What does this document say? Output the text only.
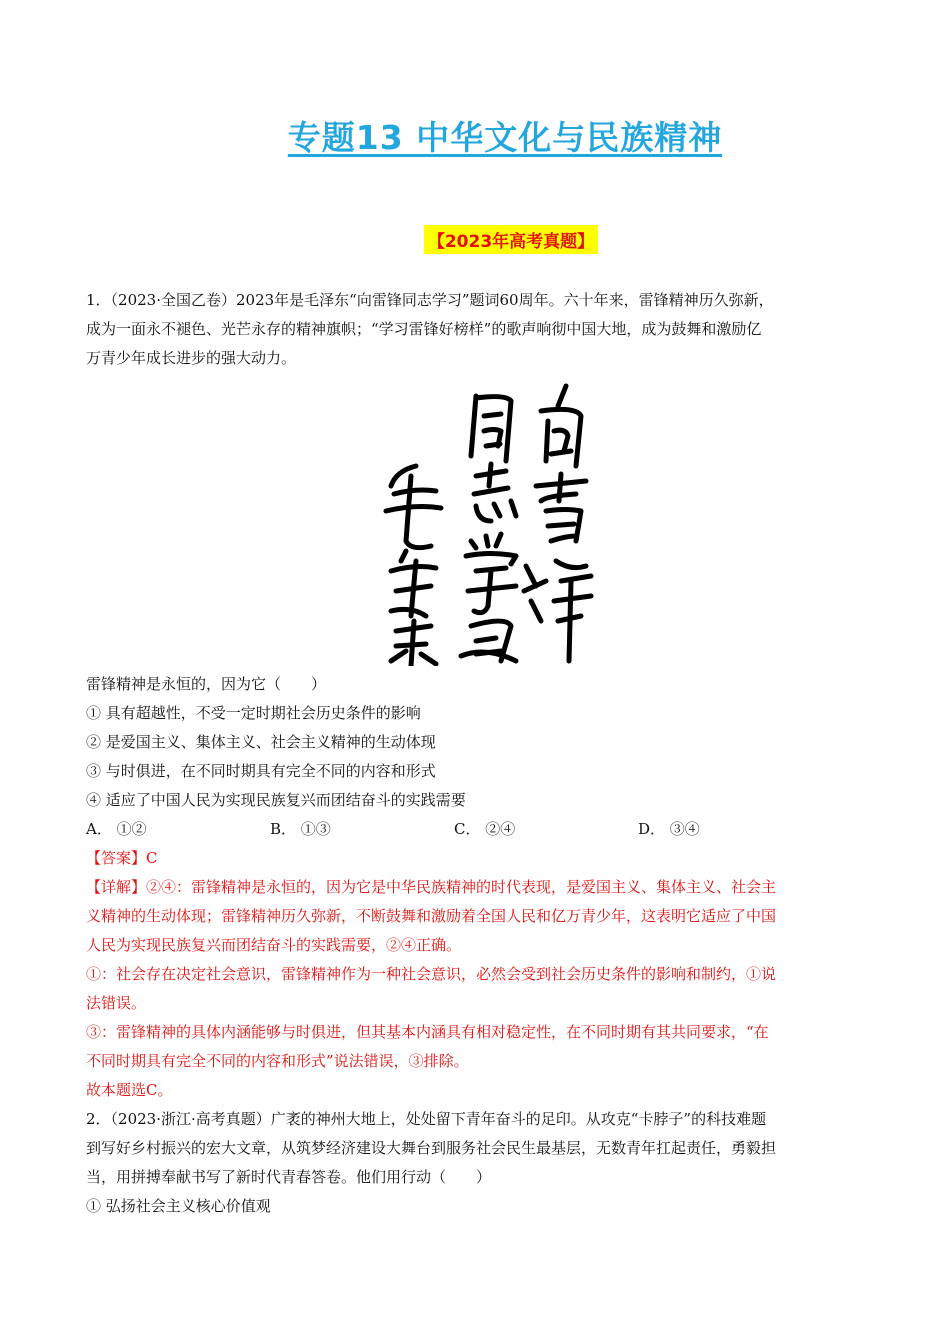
专题13 中华文化与民族精神
【2023年高考真题】

1．（2023·全国乙卷）2023年是毛泽东“向雷锋同志学习”题词60周年。六十年来，雷锋精神历久弥新，

成为一面永不褪色、光芒永存的精神旗帜；“学习雷锋好榜样”的歌声响彻中国大地，成为鼓舞和激励亿

万青少年成长进步的强大动力。

雷锋精神是永恒的，因为它（　　）

① 具有超越性，不受一定时期社会历史条件的影响

② 是爱国主义、集体主义、社会主义精神的生动体现

③ 与时俱进，在不同时期具有完全不同的内容和形式

④ 适应了中国人民为实现民族复兴而团结奋斗的实践需要

A． ①②	B． ①③	C． ②④	D． ③④

【答案】C

【详解】②④：雷锋精神是永恒的，因为它是中华民族精神的时代表现，是爱国主义、集体主义、社会主

义精神的生动体现；雷锋精神历久弥新，不断鼓舞和激励着全国人民和亿万青少年，这表明它适应了中国

人民为实现民族复兴而团结奋斗的实践需要，②④正确。

①：社会存在决定社会意识，雷锋精神作为一种社会意识，必然会受到社会历史条件的影响和制约，①说

法错误。

③：雷锋精神的具体内涵能够与时俱进，但其基本内涵具有相对稳定性，在不同时期有其共同要求，“在

不同时期具有完全不同的内容和形式”说法错误，③排除。

故本题选C。

2．（2023·浙江·高考真题）广袤的神州大地上，处处留下青年奋斗的足印。从攻克“卡脖子”的科技难题

到写好乡村振兴的宏大文章，从筑梦经济建设大舞台到服务社会民生最基层，无数青年扛起责任，勇毅担

当，用拼搏奉献书写了新时代青春答卷。他们用行动（　　）

① 弘扬社会主义核心价值观
